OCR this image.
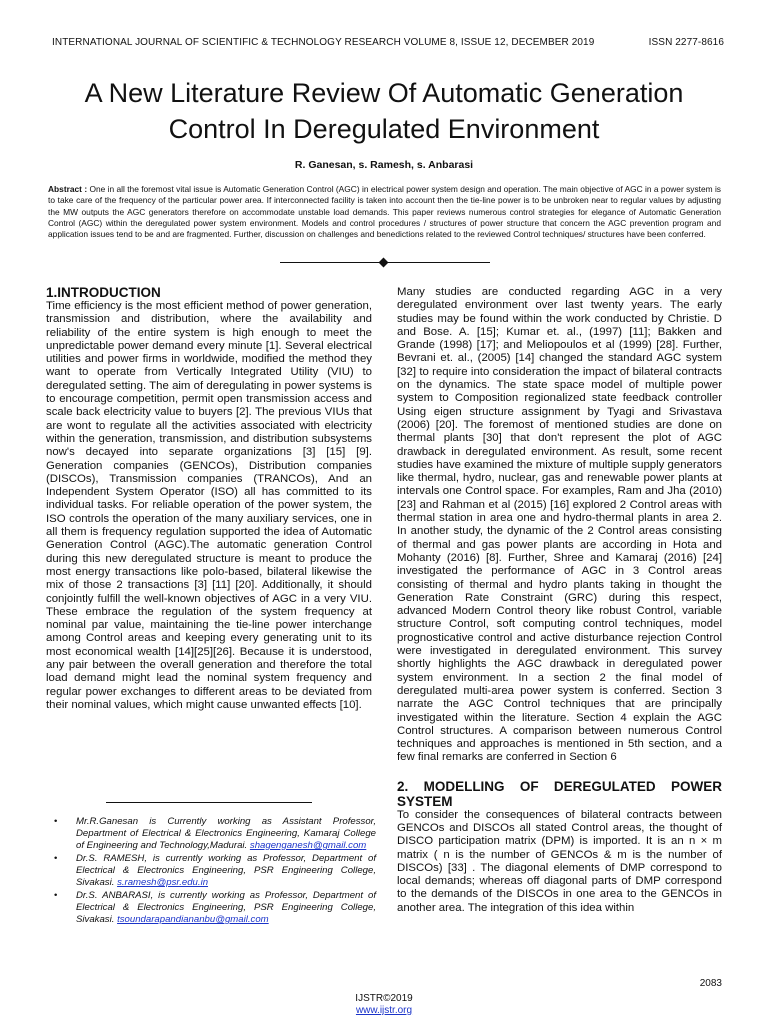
INTERNATIONAL JOURNAL OF SCIENTIFIC & TECHNOLOGY RESEARCH VOLUME 8, ISSUE 12, DECEMBER 2019	ISSN 2277-8616
A New Literature Review Of Automatic Generation
Control In Deregulated Environment
R. Ganesan, s. Ramesh, s. Anbarasi
Abstract : One in all the foremost vital issue is Automatic Generation Control (AGC) in electrical power system design and operation. The main objective of AGC in a power system is to take care of the frequency of the particular power area. If interconnected facility is taken into account then the tie-line power is to be unbroken near to regular values by adjusting the MW outputs the AGC generators therefore on accommodate unstable load demands. This paper reviews numerous control strategies for elegance of Automatic Generation Control (AGC) within the deregulated power system environment. Models and control procedures / structures of power structure that concern the AGC prevention program and application issues tend to be and are fragmented. Further, discussion on challenges and benedictions related to the reviewed Control techniques/ structures have been conferred.
1.INTRODUCTION

Time efficiency is the most efficient method of power generation, transmission and distribution, where the availability and reliability of the entire system is high enough to meet the unpredictable power demand every minute [1]. Several electrical utilities and power firms in worldwide, modified the method they want to operate from Vertically Integrated Utility (VIU) to deregulated setting. The aim of deregulating in power systems is to encourage competition, permit open transmission access and scale back electricity value to buyers [2]. The previous VIUs that are wont to regulate all the activities associated with electricity within the generation, transmission, and distribution subsystems now's decayed into separate organizations [3] [15] [9]. Generation companies (GENCOs), Distribution companies (DISCOs), Transmission companies (TRANCOs), And an Independent System Operator (ISO) all has committed to its individual tasks. For reliable operation of the power system, the ISO controls the operation of the many auxiliary services, one in all them is frequency regulation supported the idea of Automatic Generation Control (AGC).The automatic generation Control during this new deregulated structure is meant to produce the most energy transactions like polo-based, bilateral likewise the mix of those 2 transactions [3] [11] [20]. Additionally, it should conjointly fulfill the well-known objectives of AGC in a very VIU. These embrace the regulation of the system frequency at nominal par value, maintaining the tie-line power interchange among Control areas and keeping every generating unit to its most economical wealth [14][25][26]. Because it is understood, any pair between the overall generation and therefore the total load demand might lead the nominal system frequency and regular power exchanges to different areas to be deviated from their nominal values, which might cause unwanted effects [10].

Many studies are conducted regarding AGC in a very deregulated environment over last twenty years. The early studies may be found within the work conducted by Christie. D and Bose. A. [15]; Kumar et. al., (1997) [11]; Bakken and Grande (1998) [17]; and Meliopoulos et al (1999) [28]. Further, Bevrani et. al., (2005) [14] changed the standard AGC system [32] to require into consideration the impact of bilateral contracts on the dynamics. The state space model of multiple power system to Composition regionalized state feedback controller Using eigen structure assignment by Tyagi and Srivastava (2006) [20]. The foremost of mentioned studies are done on thermal plants [30] that don't represent the plot of AGC drawback in deregulated environment. As result, some recent studies have examined the mixture of multiple supply generators like thermal, hydro, nuclear, gas and renewable power plants at intervals one Control space. For examples, Ram and Jha (2010) [23] and Rahman et al (2015) [16] explored 2 Control areas with thermal station in area one and hydro-thermal plants in area 2. In another study, the dynamic of the 2 Control areas consisting of thermal and gas power plants are according in Hota and Mohanty (2016) [8]. Further, Shree and Kamaraj (2016) [24] investigated the performance of AGC in 3 Control areas consisting of thermal and hydro plants taking in thought the Generation Rate Constraint (GRC) during this respect, advanced Modern Control theory like robust Control, variable structure Control, soft computing control techniques, model prognosticative control and active disturbance rejection Control were investigated in deregulated environment. This survey shortly highlights the AGC drawback in deregulated power system environment. In a section 2 the final model of deregulated multi-area power system is conferred. Section 3 narrate the AGC Control techniques that are principally investigated within the literature. Section 4 explain the AGC Control structures. A comparison between numerous Control techniques and approaches is mentioned in 5th section, and a few final remarks are conferred in Section 6

2. MODELLING OF DEREGULATED POWER SYSTEM

To consider the consequences of bilateral contracts between GENCOs and DISCOs all stated Control areas, the thought of DISCO participation matrix (DPM) is imported. It is an n × m matrix ( n is the number of GENCOs & m is the number of DISCOs) [33] . The diagonal elements of DMP correspond to local demands; whereas off diagonal parts of DMP correspond to the demands of the DISCOs in one area to the GENCOs in another area. The integration of this idea within

• Mr.R.Ganesan is Currently working as Assistant Professor, Department of Electrical & Electronics Engineering, Kamaraj College of Engineering and Technology,Madurai. shagenganesh@gmail.com
• Dr.S. RAMESH, is currently working as Professor, Department of Electrical & Electronics Engineering, PSR Engineering College, Sivakasi. s.ramesh@psr.edu.in
• Dr.S. ANBARASI, is currently working as Professor, Department of Electrical & Electronics Engineering, PSR Engineering College, Sivakasi. tsoundarapandiananbu@gmail.com
2083
IJSTR©2019
www.ijstr.org
